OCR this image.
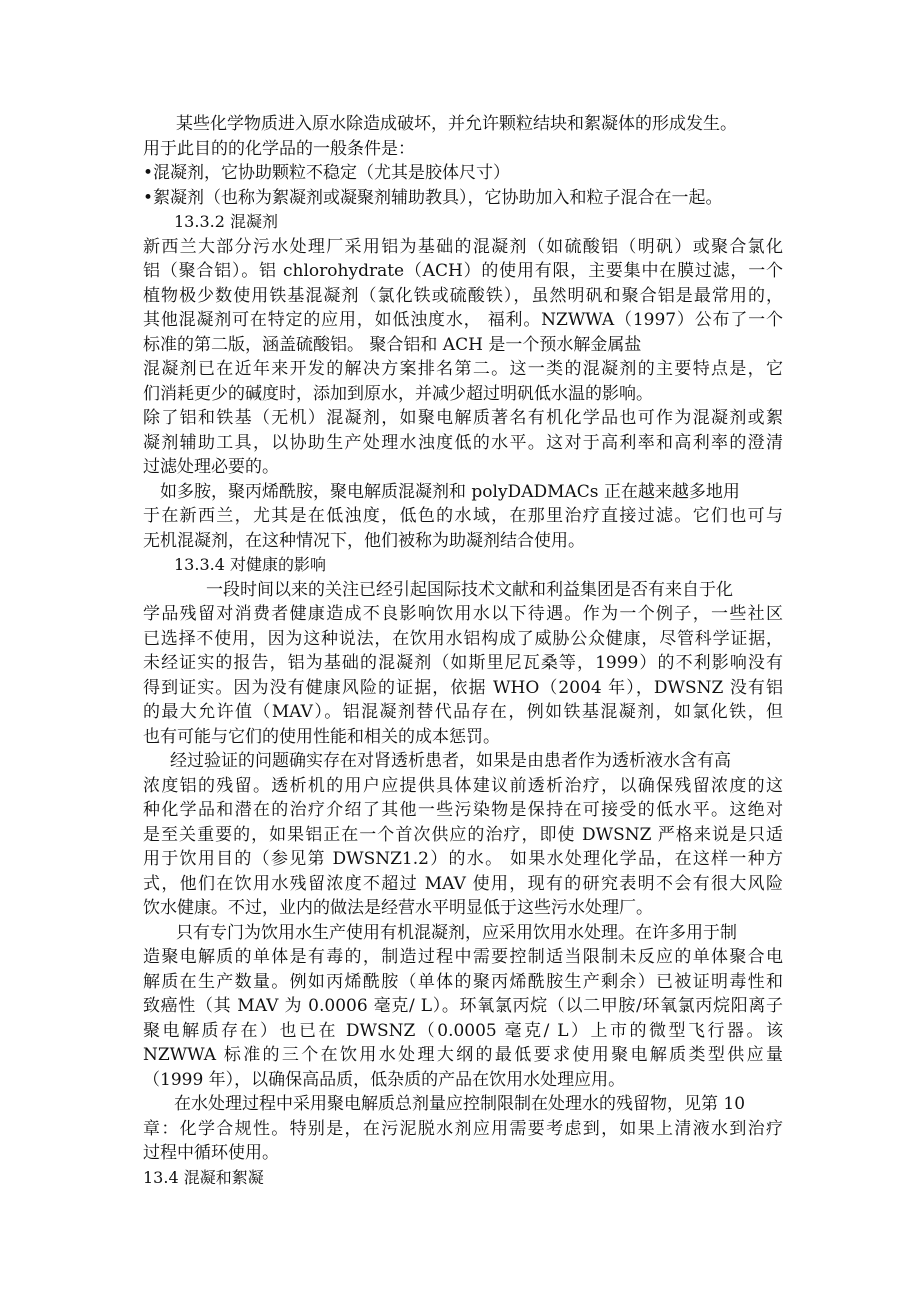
某些化学物质进入原水除造成破坏，并允许颗粒结块和絮凝体的形成发生。
用于此目的的化学品的一般条件是：
•混凝剂，它协助颗粒不稳定（尤其是胶体尺寸）
•絮凝剂（也称为絮凝剂或凝聚剂辅助教具），它协助加入和粒子混合在一起。
13.3.2 混凝剂
新西兰大部分污水处理厂采用铝为基础的混凝剂（如硫酸铝（明矾）或聚合氯化
铝（聚合铝）。铝 chlorohydrate（ACH）的使用有限，主要集中在膜过滤，一个
植物极少数使用铁基混凝剂（氯化铁或硫酸铁），虽然明矾和聚合铝是最常用的，
其他混凝剂可在特定的应用，如低浊度水， 福利。NZWWA（1997）公布了一个
标准的第二版，涵盖硫酸铝。 聚合铝和 ACH 是一个预水解金属盐
混凝剂已在近年来开发的解决方案排名第二。这一类的混凝剂的主要特点是，它
们消耗更少的碱度时，添加到原水，并减少超过明矾低水温的影响。
除了铝和铁基（无机）混凝剂，如聚电解质著名有机化学品也可作为混凝剂或絮
凝剂辅助工具，以协助生产处理水浊度低的水平。这对于高利率和高利率的澄清
过滤处理必要的。
如多胺，聚丙烯酰胺，聚电解质混凝剂和 polyDADMACs 正在越来越多地用
于在新西兰，尤其是在低浊度，低色的水域，在那里治疗直接过滤。它们也可与
无机混凝剂，在这种情况下，他们被称为助凝剂结合使用。
13.3.4 对健康的影响
一段时间以来的关注已经引起国际技术文献和利益集团是否有来自于化
学品残留对消费者健康造成不良影响饮用水以下待遇。作为一个例子，一些社区
已选择不使用，因为这种说法，在饮用水铝构成了威胁公众健康，尽管科学证据，
未经证实的报告，铝为基础的混凝剂（如斯里尼瓦桑等，1999）的不利影响没有
得到证实。因为没有健康风险的证据，依据 WHO（2004 年），DWSNZ 没有铝
的最大允许值（MAV）。铝混凝剂替代品存在，例如铁基混凝剂，如氯化铁，但
也有可能与它们的使用性能和相关的成本惩罚。
经过验证的问题确实存在对肾透析患者，如果是由患者作为透析液水含有高
浓度铝的残留。透析机的用户应提供具体建议前透析治疗，以确保残留浓度的这
种化学品和潜在的治疗介绍了其他一些污染物是保持在可接受的低水平。这绝对
是至关重要的，如果铝正在一个首次供应的治疗，即使 DWSNZ 严格来说是只适
用于饮用目的（参见第 DWSNZ1.2）的水。 如果水处理化学品，在这样一种方
式，他们在饮用水残留浓度不超过 MAV 使用，现有的研究表明不会有很大风险
饮水健康。不过，业内的做法是经营水平明显低于这些污水处理厂。
只有专门为饮用水生产使用有机混凝剂，应采用饮用水处理。在许多用于制
造聚电解质的单体是有毒的，制造过程中需要控制适当限制未反应的单体聚合电
解质在生产数量。例如丙烯酰胺（单体的聚丙烯酰胺生产剩余）已被证明毒性和
致癌性（其 MAV 为 0.0006 毫克/ L）。环氧氯丙烷（以二甲胺/环氧氯丙烷阳离子
聚电解质存在）也已在 DWSNZ（0.0005 毫克/ L）上市的微型飞行器。该
NZWWA 标准的三个在饮用水处理大纲的最低要求使用聚电解质类型供应量
（1999 年），以确保高品质，低杂质的产品在饮用水处理应用。
在水处理过程中采用聚电解质总剂量应控制限制在处理水的残留物，见第 10
章：化学合规性。特别是，在污泥脱水剂应用需要考虑到，如果上清液水到治疗
过程中循环使用。
13.4 混凝和絮凝
